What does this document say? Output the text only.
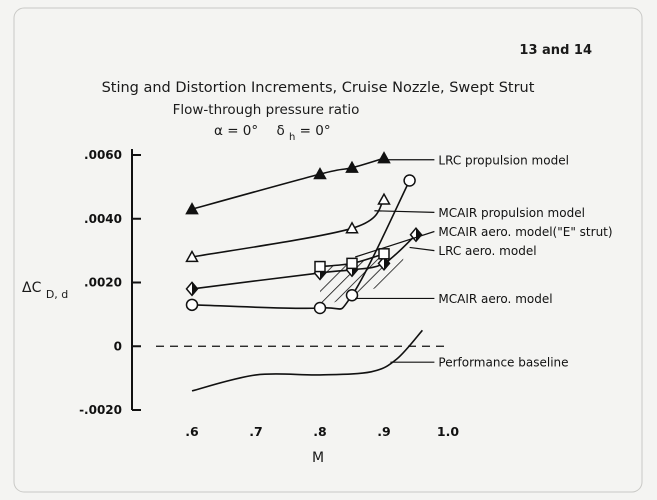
13 and 14
Sting and Distortion Increments, Cruise Nozzle, Swept Strut
Flow-through pressure ratio
α = 0° δ $_h$ = 0°
ΔC $_{D, d}$
M
.0060
.0040
.0020
0
-.0020
.6	.7	.8	.9	1.0
LRC propulsion model
MCAIR propulsion model
MCAIR aero. model("E" strut)
LRC aero. model
MCAIR aero. model
Performance baseline
